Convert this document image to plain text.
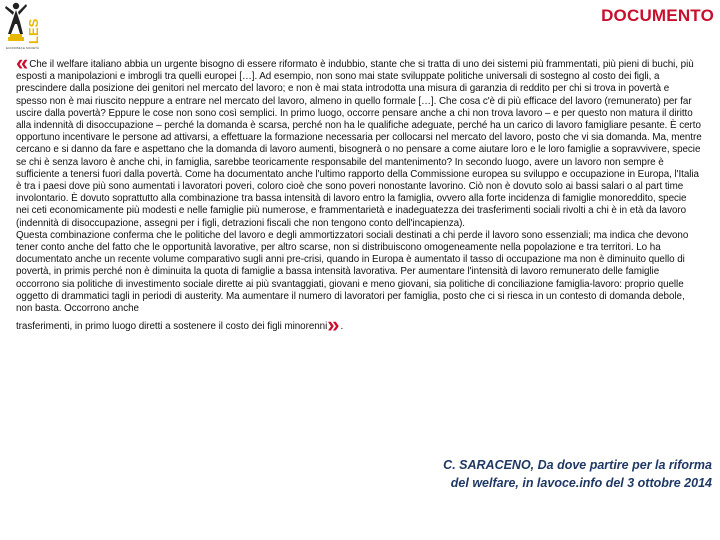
LES
ECONOMIA E SOCIETÀ
DOCUMENTO

«Che il welfare italiano abbia un urgente bisogno di essere riformato è indubbio, stante che si tratta di uno dei sistemi più frammentati, più pieni di buchi, più esposti a manipolazioni e imbrogli tra quelli europei […]. Ad esempio, non sono mai state sviluppate politiche universali di sostegno al costo dei figli, a prescindere dalla posizione dei genitori nel mercato del lavoro; e non è mai stata introdotta una misura di garanzia di reddito per chi si trova in povertà e spesso non è mai riuscito neppure a entrare nel mercato del lavoro, almeno in quello formale […]. Che cosa c'è di più efficace del lavoro (remunerato) per far uscire dalla povertà? Eppure le cose non sono così semplici. In primo luogo, occorre pensare anche a chi non trova lavoro – e per questo non matura il diritto alla indennità di disoccupazione – perché la domanda è scarsa, perché non ha le qualifiche adeguate, perché ha un carico di lavoro famigliare pesante. È certo opportuno incentivare le persone ad attivarsi, a effettuare la formazione necessaria per collocarsi nel mercato del lavoro, posto che vi sia domanda. Ma, mentre cercano e si danno da fare e aspettano che la domanda di lavoro aumenti, bisognerà o no pensare a come aiutare loro e le loro famiglie a sopravvivere, specie se chi è senza lavoro è anche chi, in famiglia, sarebbe teoricamente responsabile del mantenimento? In secondo luogo, avere un lavoro non sempre è sufficiente a tenersi fuori dalla povertà. Come ha documentato anche l'ultimo rapporto della Commissione europea su sviluppo e occupazione in Europa, l'Italia è tra i paesi dove più sono aumentati i lavoratori poveri, coloro cioè che sono poveri nonostante lavorino. Ciò non è dovuto solo ai bassi salari o al part time involontario. È dovuto soprattutto alla combinazione tra bassa intensità di lavoro entro la famiglia, ovvero alla forte incidenza di famiglie monoreddito, specie nei ceti economicamente più modesti e nelle famiglie più numerose, e frammentarietà e inadeguatezza dei trasferimenti sociali rivolti a chi è in età da lavoro (indennità di disoccupazione, assegni per i figli, detrazioni fiscali che non tengono conto dell'incapienza).

Questa combinazione conferma che le politiche del lavoro e degli ammortizzatori sociali destinati a chi perde il lavoro sono essenziali; ma indica che devono tener conto anche del fatto che le opportunità lavorative, per altro scarse, non si distribuiscono omogeneamente nella popolazione e tra territori. Lo ha documentato anche un recente volume comparativo sugli anni pre-crisi, quando in Europa è aumentato il tasso di occupazione ma non è diminuito quello di povertà, in primis perché non è diminuita la quota di famiglie a bassa intensità lavorativa. Per aumentare l'intensità di lavoro remunerato delle famiglie occorrono sia politiche di investimento sociale dirette ai più svantaggiati, giovani e meno giovani, sia politiche di conciliazione famiglia-lavoro: proprio quelle oggetto di drammatici tagli in periodi di austerity. Ma aumentare il numero di lavoratori per famiglia, posto che ci si riesca in un contesto di domanda debole, non basta. Occorrono anche

trasferimenti, in primo luogo diretti a sostenere il costo dei figli minorenni».

C. SARACENO, Da dove partire per la riforma del welfare, in lavoce.info del 3 ottobre 2014
